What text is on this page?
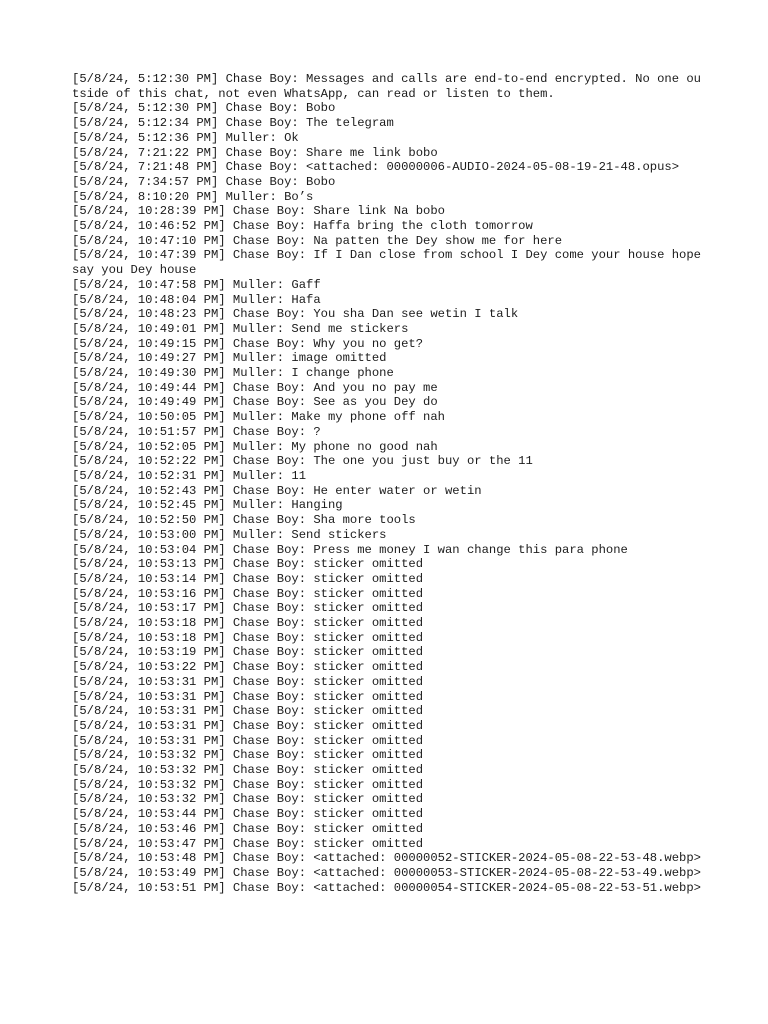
[5/8/24, 5:12:30 PM] Chase Boy: Messages and calls are end-to-end encrypted. No one outside of this chat, not even WhatsApp, can read or listen to them.
[5/8/24, 5:12:30 PM] Chase Boy: Bobo
[5/8/24, 5:12:34 PM] Chase Boy: The telegram
[5/8/24, 5:12:36 PM] Muller: Ok
[5/8/24, 7:21:22 PM] Chase Boy: Share me link bobo
[5/8/24, 7:21:48 PM] Chase Boy: <attached: 00000006-AUDIO-2024-05-08-19-21-48.opus>
[5/8/24, 7:34:57 PM] Chase Boy: Bobo
[5/8/24, 8:10:20 PM] Muller: Bo’s
[5/8/24, 10:28:39 PM] Chase Boy: Share link Na bobo
[5/8/24, 10:46:52 PM] Chase Boy: Haffa bring the cloth tomorrow
[5/8/24, 10:47:10 PM] Chase Boy: Na patten the Dey show me for here
[5/8/24, 10:47:39 PM] Chase Boy: If I Dan close from school I Dey come your house hope say you Dey house
[5/8/24, 10:47:58 PM] Muller: Gaff
[5/8/24, 10:48:04 PM] Muller: Hafa
[5/8/24, 10:48:23 PM] Chase Boy: You sha Dan see wetin I talk
[5/8/24, 10:49:01 PM] Muller: Send me stickers
[5/8/24, 10:49:15 PM] Chase Boy: Why you no get?
[5/8/24, 10:49:27 PM] Muller: image omitted
[5/8/24, 10:49:30 PM] Muller: I change phone
[5/8/24, 10:49:44 PM] Chase Boy: And you no pay me
[5/8/24, 10:49:49 PM] Chase Boy: See as you Dey do
[5/8/24, 10:50:05 PM] Muller: Make my phone off nah
[5/8/24, 10:51:57 PM] Chase Boy: ?
[5/8/24, 10:52:05 PM] Muller: My phone no good nah
[5/8/24, 10:52:22 PM] Chase Boy: The one you just buy or the 11
[5/8/24, 10:52:31 PM] Muller: 11
[5/8/24, 10:52:43 PM] Chase Boy: He enter water or wetin
[5/8/24, 10:52:45 PM] Muller: Hanging
[5/8/24, 10:52:50 PM] Chase Boy: Sha more tools
[5/8/24, 10:53:00 PM] Muller: Send stickers
[5/8/24, 10:53:04 PM] Chase Boy: Press me money I wan change this para phone
[5/8/24, 10:53:13 PM] Chase Boy: sticker omitted
[5/8/24, 10:53:14 PM] Chase Boy: sticker omitted
[5/8/24, 10:53:16 PM] Chase Boy: sticker omitted
[5/8/24, 10:53:17 PM] Chase Boy: sticker omitted
[5/8/24, 10:53:18 PM] Chase Boy: sticker omitted
[5/8/24, 10:53:18 PM] Chase Boy: sticker omitted
[5/8/24, 10:53:19 PM] Chase Boy: sticker omitted
[5/8/24, 10:53:22 PM] Chase Boy: sticker omitted
[5/8/24, 10:53:31 PM] Chase Boy: sticker omitted
[5/8/24, 10:53:31 PM] Chase Boy: sticker omitted
[5/8/24, 10:53:31 PM] Chase Boy: sticker omitted
[5/8/24, 10:53:31 PM] Chase Boy: sticker omitted
[5/8/24, 10:53:31 PM] Chase Boy: sticker omitted
[5/8/24, 10:53:32 PM] Chase Boy: sticker omitted
[5/8/24, 10:53:32 PM] Chase Boy: sticker omitted
[5/8/24, 10:53:32 PM] Chase Boy: sticker omitted
[5/8/24, 10:53:32 PM] Chase Boy: sticker omitted
[5/8/24, 10:53:44 PM] Chase Boy: sticker omitted
[5/8/24, 10:53:46 PM] Chase Boy: sticker omitted
[5/8/24, 10:53:47 PM] Chase Boy: sticker omitted
[5/8/24, 10:53:48 PM] Chase Boy: <attached: 00000052-STICKER-2024-05-08-22-53-48.webp>
[5/8/24, 10:53:49 PM] Chase Boy: <attached: 00000053-STICKER-2024-05-08-22-53-49.webp>
[5/8/24, 10:53:51 PM] Chase Boy: <attached: 00000054-STICKER-2024-05-08-22-53-51.webp>
